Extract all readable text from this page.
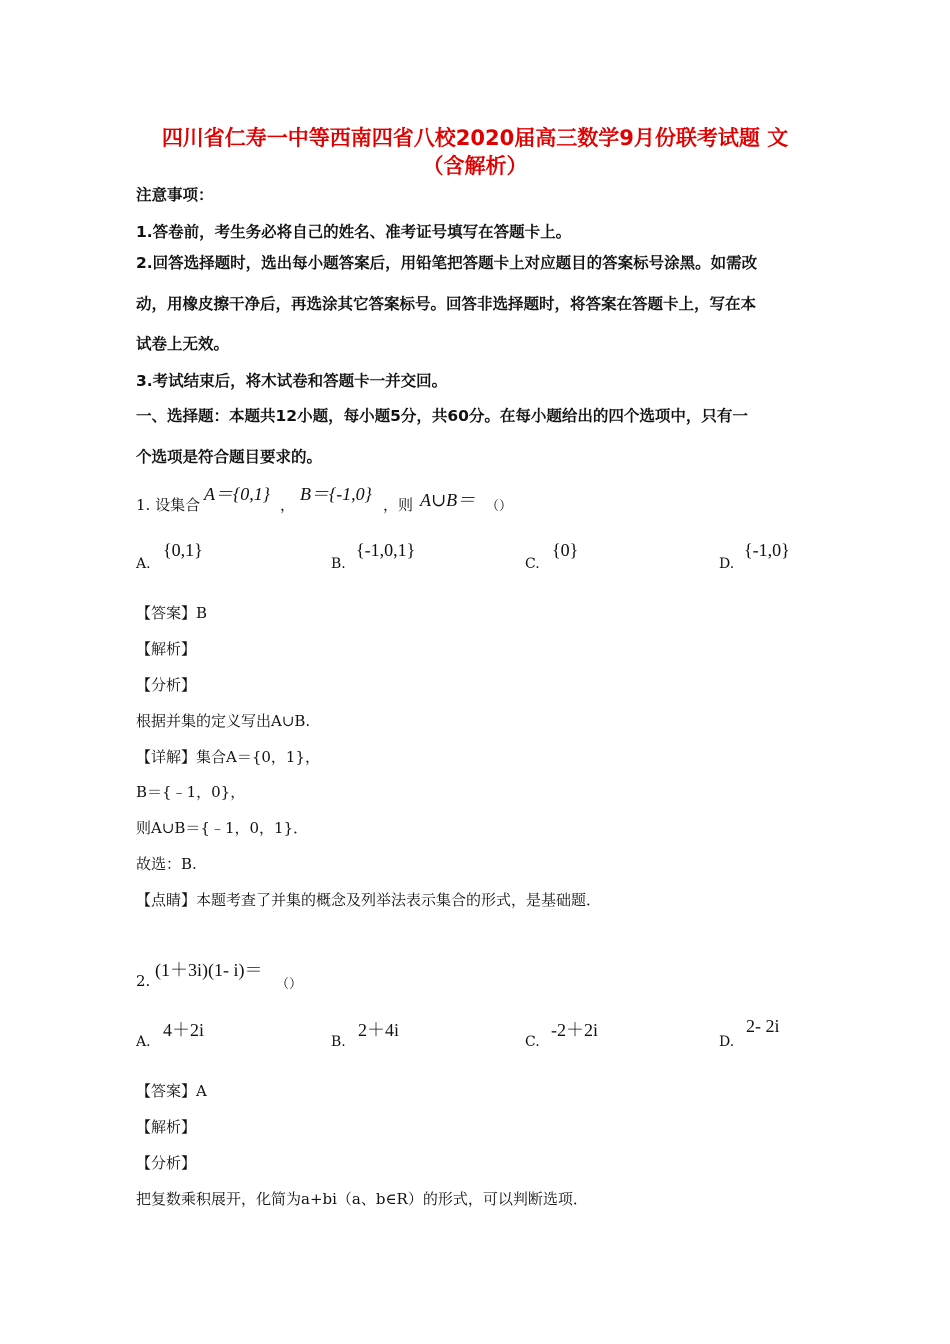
四川省仁寿一中等西南四省八校2020届高三数学9月份联考试题 文
（含解析）
注意事项：
1.答卷前，考生务必将自己的姓名、准考证号填写在答题卡上。
2.回答选择题时，选出每小题答案后，用铅笔把答题卡上对应题目的答案标号涂黑。如需改
动，用橡皮擦干净后，再选涂其它答案标号。回答非选择题时，将答案在答题卡上，写在本
试卷上无效。
3.考试结束后，将木试卷和答题卡一并交回。
一、选择题：本题共12小题，每小题5分，共60分。在每小题给出的四个选项中，只有一
个选项是符合题目要求的。
1. 设集合
A＝{0,1}
，
B＝{‐1,0}
，则 A∪B＝ （）
A.
{0,1}
B.
{‐1,0,1}
C.
{0}
D.
{‐1,0}
【答案】B
【解析】
【分析】
根据并集的定义写出A∪B.
【详解】集合A＝{0，1}，
B＝{﹣1，0}，
则A∪B＝{﹣1，0，1}．
故选：B.
【点睛】本题考查了并集的概念及列举法表示集合的形式，是基础题．
2.
(1＋3i)(1‐ i)＝
（）
A.
4＋2i
B.
2＋4i
C.
‐2＋2i
D.
2‐ 2i
【答案】A
【解析】
【分析】
把复数乘积展开，化简为a+bi（a、b∈R）的形式，可以判断选项．
